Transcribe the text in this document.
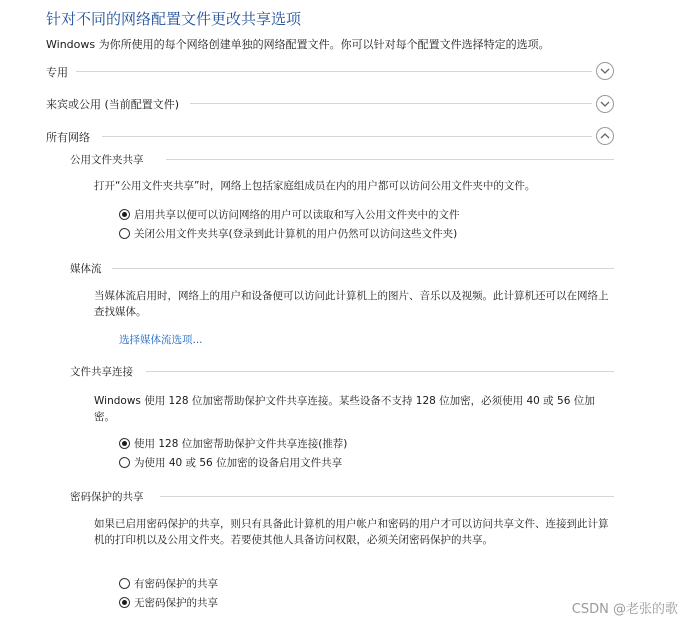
针对不同的网络配置文件更改共享选项
Windows 为你所使用的每个网络创建单独的网络配置文件。你可以针对每个配置文件选择特定的选项。
专用
来宾或公用 (当前配置文件)
所有网络
公用文件夹共享
打开“公用文件夹共享”时，网络上包括家庭组成员在内的用户都可以访问公用文件夹中的文件。
启用共享以便可以访问网络的用户可以读取和写入公用文件夹中的文件
关闭公用文件夹共享(登录到此计算机的用户仍然可以访问这些文件夹)
媒体流
当媒体流启用时，网络上的用户和设备便可以访问此计算机上的图片、音乐以及视频。此计算机还可以在网络上查找媒体。
选择媒体流选项...
文件共享连接
Windows 使用 128 位加密帮助保护文件共享连接。某些设备不支持 128 位加密，必须使用 40 或 56 位加密。
使用 128 位加密帮助保护文件共享连接(推荐)
为使用 40 或 56 位加密的设备启用文件共享
密码保护的共享
如果已启用密码保护的共享，则只有具备此计算机的用户帐户和密码的用户才可以访问共享文件、连接到此计算机的打印机以及公用文件夹。若要使其他人具备访问权限，必须关闭密码保护的共享。
有密码保护的共享
无密码保护的共享	CSDN @老张的歌
